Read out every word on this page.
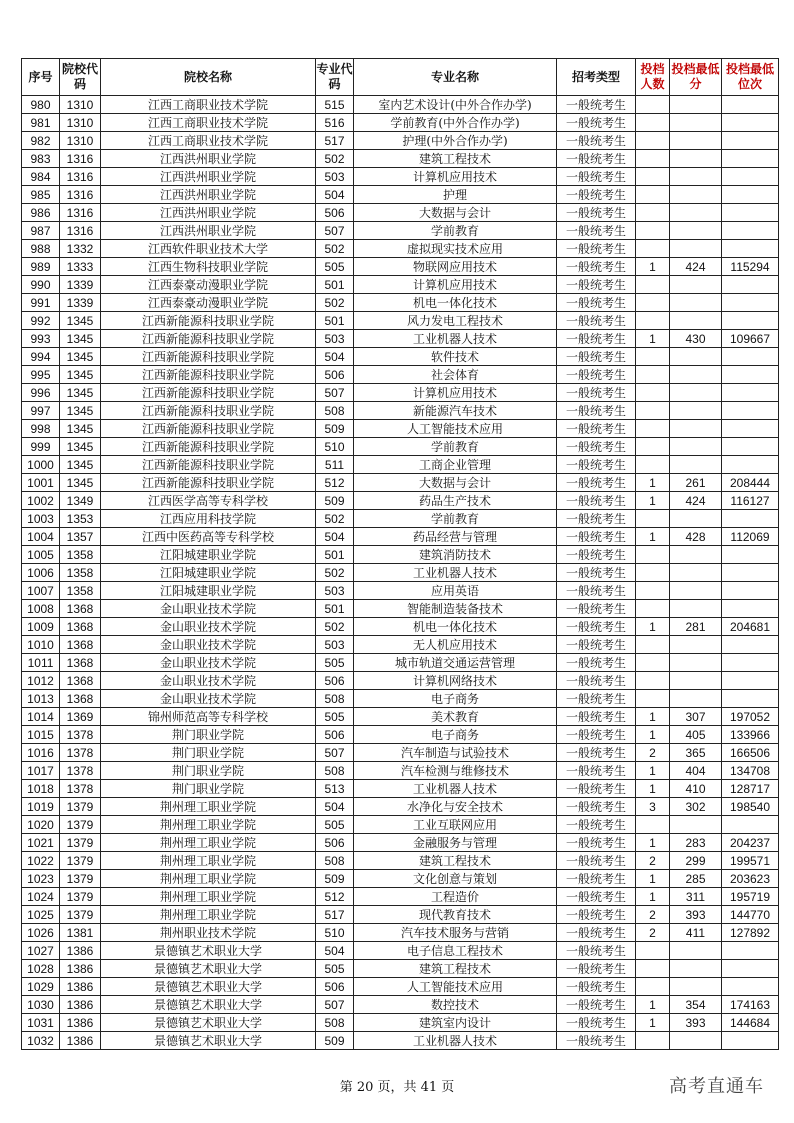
序号	院校代码	院校名称	专业代码	专业名称	招考类型	投档人数	投档最低分	投档最低位次
980	1310	江西工商职业技术学院	515	室内艺术设计(中外合作办学)	一般统考生			
981	1310	江西工商职业技术学院	516	学前教育(中外合作办学)	一般统考生			
982	1310	江西工商职业技术学院	517	护理(中外合作办学)	一般统考生			
983	1316	江西洪州职业学院	502	建筑工程技术	一般统考生			
984	1316	江西洪州职业学院	503	计算机应用技术	一般统考生			
985	1316	江西洪州职业学院	504	护理	一般统考生			
986	1316	江西洪州职业学院	506	大数据与会计	一般统考生			
987	1316	江西洪州职业学院	507	学前教育	一般统考生			
988	1332	江西软件职业技术大学	502	虚拟现实技术应用	一般统考生			
989	1333	江西生物科技职业学院	505	物联网应用技术	一般统考生	1	424	115294
990	1339	江西泰豪动漫职业学院	501	计算机应用技术	一般统考生			
991	1339	江西泰豪动漫职业学院	502	机电一体化技术	一般统考生			
992	1345	江西新能源科技职业学院	501	风力发电工程技术	一般统考生			
993	1345	江西新能源科技职业学院	503	工业机器人技术	一般统考生	1	430	109667
994	1345	江西新能源科技职业学院	504	软件技术	一般统考生			
995	1345	江西新能源科技职业学院	506	社会体育	一般统考生			
996	1345	江西新能源科技职业学院	507	计算机应用技术	一般统考生			
997	1345	江西新能源科技职业学院	508	新能源汽车技术	一般统考生			
998	1345	江西新能源科技职业学院	509	人工智能技术应用	一般统考生			
999	1345	江西新能源科技职业学院	510	学前教育	一般统考生			
1000	1345	江西新能源科技职业学院	511	工商企业管理	一般统考生			
1001	1345	江西新能源科技职业学院	512	大数据与会计	一般统考生	1	261	208444
1002	1349	江西医学高等专科学校	509	药品生产技术	一般统考生	1	424	116127
1003	1353	江西应用科技学院	502	学前教育	一般统考生			
1004	1357	江西中医药高等专科学校	504	药品经营与管理	一般统考生	1	428	112069
1005	1358	江阳城建职业学院	501	建筑消防技术	一般统考生			
1006	1358	江阳城建职业学院	502	工业机器人技术	一般统考生			
1007	1358	江阳城建职业学院	503	应用英语	一般统考生			
1008	1368	金山职业技术学院	501	智能制造装备技术	一般统考生			
1009	1368	金山职业技术学院	502	机电一体化技术	一般统考生	1	281	204681
1010	1368	金山职业技术学院	503	无人机应用技术	一般统考生			
1011	1368	金山职业技术学院	505	城市轨道交通运营管理	一般统考生			
1012	1368	金山职业技术学院	506	计算机网络技术	一般统考生			
1013	1368	金山职业技术学院	508	电子商务	一般统考生			
1014	1369	锦州师范高等专科学校	505	美术教育	一般统考生	1	307	197052
1015	1378	荆门职业学院	506	电子商务	一般统考生	1	405	133966
1016	1378	荆门职业学院	507	汽车制造与试验技术	一般统考生	2	365	166506
1017	1378	荆门职业学院	508	汽车检测与维修技术	一般统考生	1	404	134708
1018	1378	荆门职业学院	513	工业机器人技术	一般统考生	1	410	128717
1019	1379	荆州理工职业学院	504	水净化与安全技术	一般统考生	3	302	198540
1020	1379	荆州理工职业学院	505	工业互联网应用	一般统考生			
1021	1379	荆州理工职业学院	506	金融服务与管理	一般统考生	1	283	204237
1022	1379	荆州理工职业学院	508	建筑工程技术	一般统考生	2	299	199571
1023	1379	荆州理工职业学院	509	文化创意与策划	一般统考生	1	285	203623
1024	1379	荆州理工职业学院	512	工程造价	一般统考生	1	311	195719
1025	1379	荆州理工职业学院	517	现代教育技术	一般统考生	2	393	144770
1026	1381	荆州职业技术学院	510	汽车技术服务与营销	一般统考生	2	411	127892
1027	1386	景德镇艺术职业大学	504	电子信息工程技术	一般统考生			
1028	1386	景德镇艺术职业大学	505	建筑工程技术	一般统考生			
1029	1386	景德镇艺术职业大学	506	人工智能技术应用	一般统考生			
1030	1386	景德镇艺术职业大学	507	数控技术	一般统考生	1	354	174163
1031	1386	景德镇艺术职业大学	508	建筑室内设计	一般统考生	1	393	144684
1032	1386	景德镇艺术职业大学	509	工业机器人技术	一般统考生			
第 20 页，共 41 页	高考直通车
